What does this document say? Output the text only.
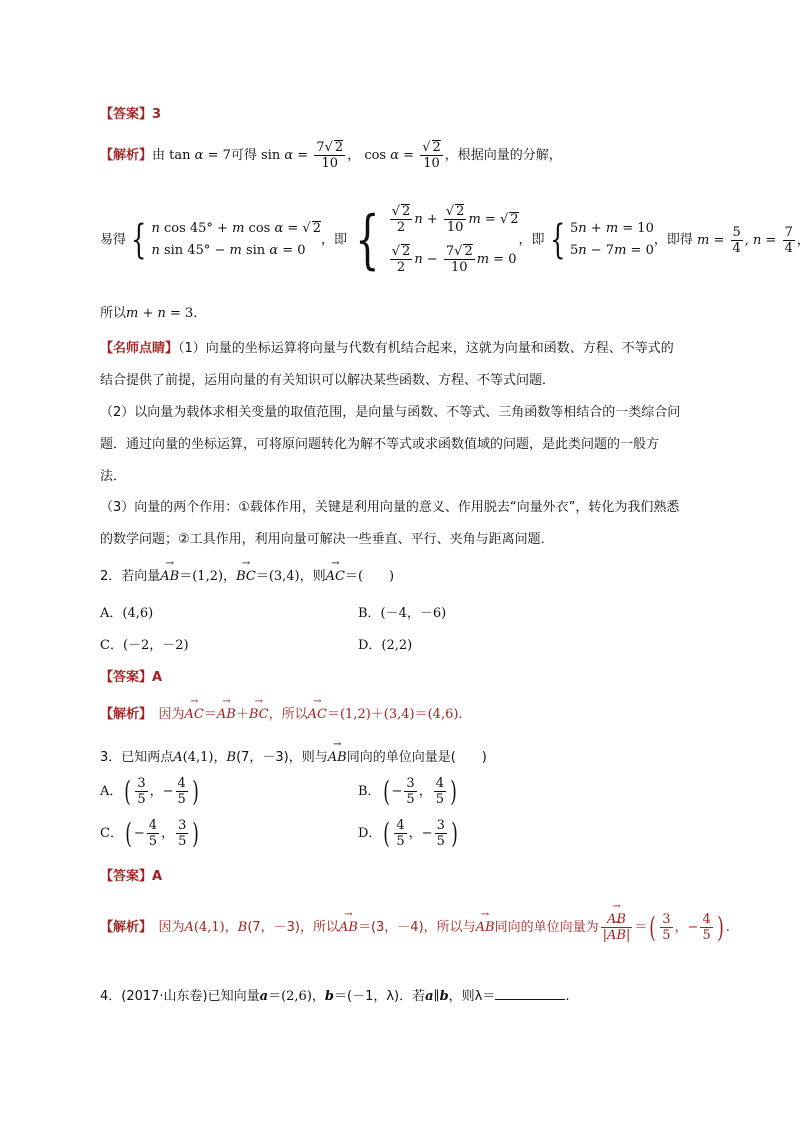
【答案】3
【解析】由 tan α = 7可得 $\sin \alpha = \frac{7√ 2}{10}$ ， $\cos \alpha = \frac{√ 2}{10}$ ，根据向量的分解，
易得 { n cos 45° + m cos α = √ 2
n sin 45° − m sin α = 0
，即 { $\frac{√ 2}{2}$ $n + \frac{√ 2}{10}$ m = √ 2
$\frac{√ 2}{2}$ $n - \frac{7√ 2}{10}$ m = 0
，即 { 5n + m = 10
5n − 7m = 0
，即得 $m = \frac{5}{4}$ , $n = \frac{7}{4}$ ，
所以m + n = 3．
【名师点睛】（1）向量的坐标运算将向量与代数有机结合起来，这就为向量和函数、方程、不等式的
结合提供了前提，运用向量的有关知识可以解决某些函数、方程、不等式问题．
（2）以向量为载体求相关变量的取值范围，是向量与函数、不等式、三角函数等相结合的一类综合问
题．通过向量的坐标运算，可将原问题转化为解不等式或求函数值域的问题，是此类问题的一般方
法．
（3）向量的两个作用：①载体作用，关键是利用向量的意义、作用脱去“向量外衣”，转化为我们熟悉
的数学问题；②工具作用，利用向量可解决一些垂直、平行、夹角与距离问题．
2．若向量→ AB＝(1,2)，→ BC＝(3,4)，则→ AC＝(　　)
A．(4,6)	B．(－4，－6)
C．(－2，－2)	D．(2,2)
【答案】A
【解析】　因为→ AC＝→ AB＋→ BC，所以→ AC＝(1,2)＋(3,4)＝(4,6).
3．已知两点A(4,1)，B(7，－3)，则与→ AB同向的单位向量是(　　)
A．( $\frac{3}{5}$ ，− $\frac{4}{5}$ )	B．( − $\frac{3}{5}$ ， $\frac{4}{5}$ )
C．( − $\frac{4}{5}$ ， $\frac{3}{5}$ )	D．( $\frac{4}{5}$ ，− $\frac{3}{5}$ )
【答案】A
【解析】　因为A(4,1)，B(7，－3)，所以→ AB＝(3，－4)，所以与→ AB同向的单位向量为
→ $\frac{AB}{|\to AB|}$ ＝( $\frac{3}{5}$ ，− $\frac{4}{5}$ ) .
4．(2017·山东卷)已知向量a＝(2,6)，b＝(－1，λ)．若a∥b，则λ＝	.
